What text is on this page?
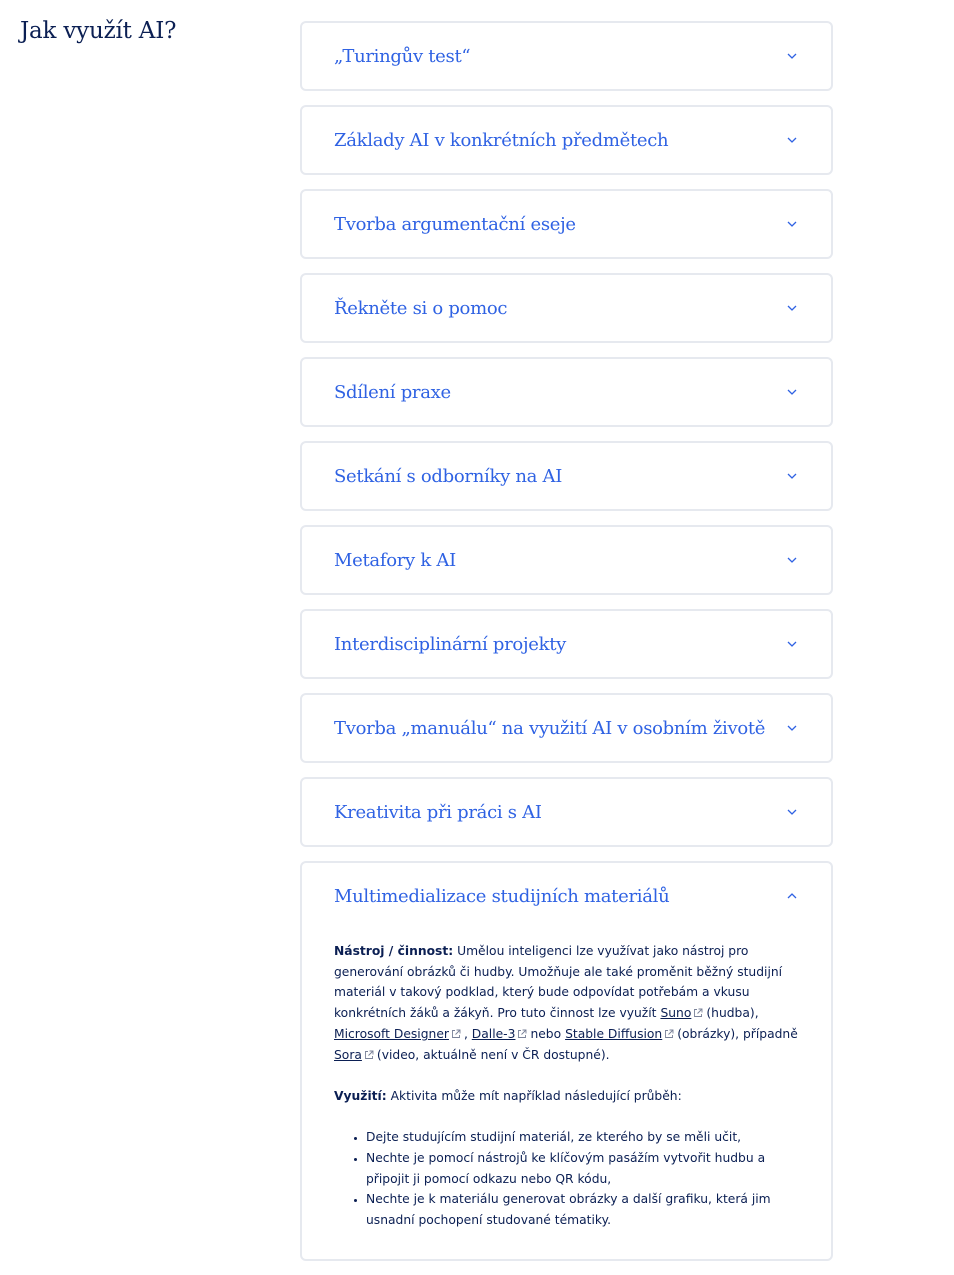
Jak využít AI?
„Turingův test“
Základy AI v konkrétních předmětech
Tvorba argumentační eseje
Řekněte si o pomoc
Sdílení praxe
Setkání s odborníky na AI
Metafory k AI
Interdisciplinární projekty
Tvorba „manuálu“ na využití AI v osobním životě
Kreativita při práci s AI
Multimedializace studijních materiálů

Nástroj / činnost: Umělou inteligenci lze využívat jako nástroj pro generování obrázků či hudby. Umožňuje ale také proměnit běžný studijní materiál v takový podklad, který bude odpovídat potřebám a vkusu konkrétních žáků a žákyň. Pro tuto činnost lze využít Suno (hudba), Microsoft Designer , Dalle-3 nebo Stable Diffusion (obrázky), případně Sora (video, aktuálně není v ČR dostupné).

Využití: Aktivita může mít například následující průběh:

• Dejte studujícím studijní materiál, ze kterého by se měli učit,
• Nechte je pomocí nástrojů ke klíčovým pasážím vytvořit hudbu a připojit ji pomocí odkazu nebo QR kódu,
• Nechte je k materiálu generovat obrázky a další grafiku, která jim usnadní pochopení studované tématiky.
